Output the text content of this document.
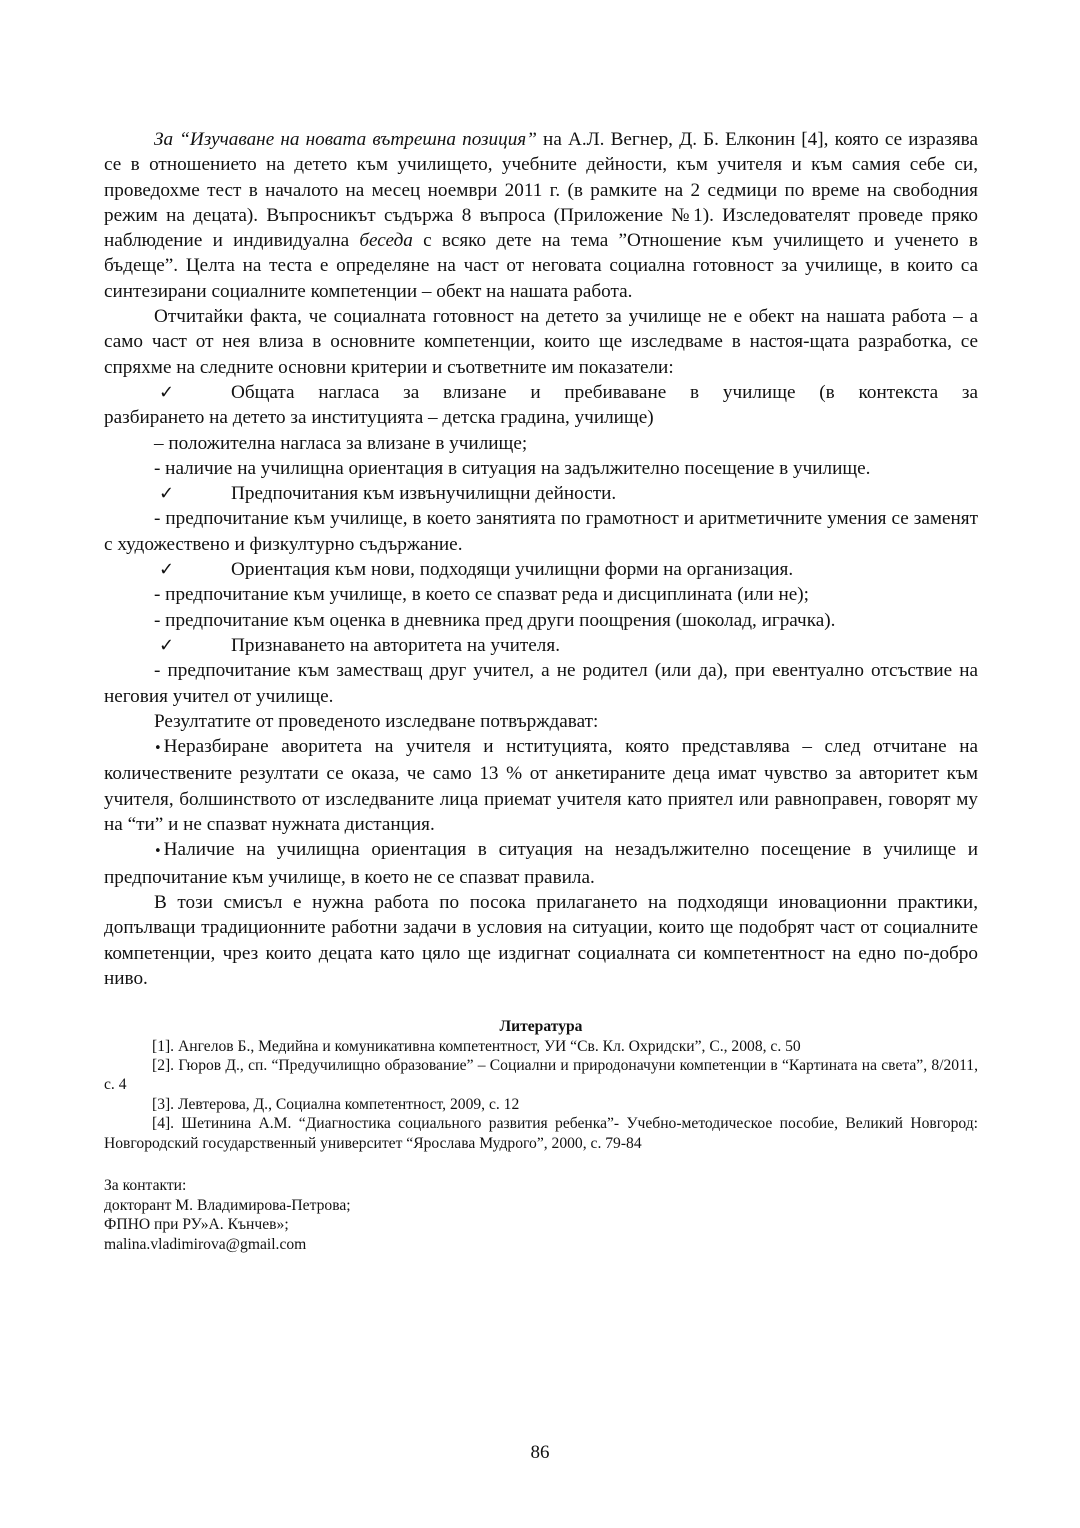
За “Изучаване на новата вътрешна позиция” на А.Л. Вегнер, Д. Б. Елконин [4], която се изразява се в отношението на детето към училището, учебните дейности, към учителя и към самия себе си, проведохме тест в началото на месец ноември 2011 г. (в рамките на 2 седмици по време на свободния режим на децата). Въпросникът съдържа 8 въпроса (Приложение №1). Изследователят проведе пряко наблюдение и индивидуална беседа с всяко дете на тема ”Отношение към училището и ученето в бъдеще”. Целта на теста е определяне на част от неговата социална готовност за училище, в които са синтезирани социалните компетенции – обект на нашата работа.

Отчитайки факта, че социалната готовност на детето за училище не е обект на нашата работа – а само част от нея влиза в основните компетенции, които ще изследваме в настоя-щата разработка, се спряхме на следните основни критерии и съответните им показатели:

✓	Общата нагласа за влизане и пребиваване в училище (в контекста за

разбирането на детето за институцията – детска градина, училище)

– положителна нагласа за влизане в училище;

- наличие на училищна ориентация в ситуация на задължително посещение в училище.

✓	Предпочитания към извънучилищни дейности.

- предпочитание към училище, в което занятията по грамотност и аритметичните умения се заменят с художествено и физкултурно съдържание.

✓	Ориентация към нови, подходящи училищни форми на организация.

- предпочитание към училище, в което се спазват реда и дисциплината (или не);

- предпочитание към оценка в дневника пред други поощрения (шоколад, играчка).

✓	Признаването на авторитета на учителя.

- предпочитание към заместващ друг учител, а не родител (или да), при евентуално отсъствие на неговия учител от училище.

Резултатите от проведеното изследване потвърждават:

• Неразбиране аворитета на учителя и нституцията, която представлява – след отчитане на количествените резултати се оказа, че само 13 % от анкетираните деца имат чувство за авторитет към учителя, болшинството от изследваните лица приемат учителя като приятел или равноправен, говорят му на “ти” и не спазват нужната дистанция.

• Наличие на училищна ориентация в ситуация на незадължително посещение в училище и предпочитание към училище, в което не се спазват правила.

В този смисъл е нужна работа по посока прилагането на подходящи иновационни практики, допълващи традиционните работни задачи в условия на ситуации, които ще подобрят част от социалните компетенции, чрез които децата като цяло ще издигнат социалната си компетентност на едно по-добро ниво.

Литература

[1]. Ангелов Б., Медийна и комуникативна компетентност, УИ “Св. Кл. Охридски”, С., 2008, с. 50

[2]. Гюров Д., сп. “Предучилищно образование” – Социални и природоначуни компетенции в “Картината на света”, 8/2011, с. 4

[3]. Левтерова, Д., Социална компетентност, 2009, с. 12

[4]. Шетинина А.М. “Диагностика социального развития ребенка”- Учебно-методическое пособие, Великий Новгород: Новгородский государственный университет “Ярослава Мудрого”, 2000, с. 79-84

За контакти:

докторант М. Владимирова-Петрова;

ФПНО при РУ»А. Кънчев»;

malina.vladimirova@gmail.com

86
